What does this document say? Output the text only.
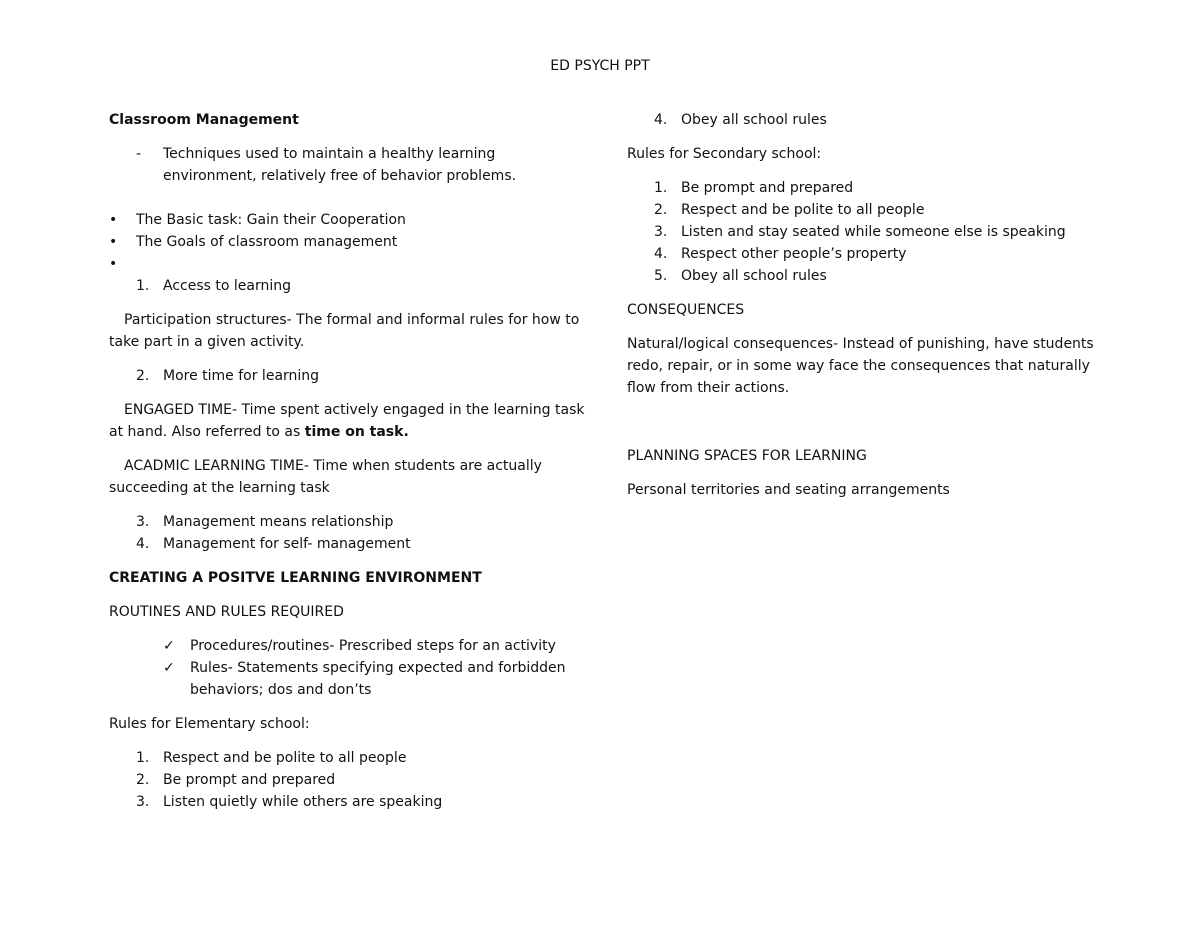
ED PSYCH PPT
Classroom Management
- Techniques used to maintain a healthy learning
environment, relatively free of behavior problems.
• The Basic task: Gain their Cooperation
• The Goals of classroom management
•
1. Access to learning
Participation structures- The formal and informal rules for how to
take part in a given activity.
2. More time for learning
ENGAGED TIME- Time spent actively engaged in the learning task
at hand. Also referred to as time on task.
ACADMIC LEARNING TIME- Time when students are actually
succeeding at the learning task
3. Management means relationship
4. Management for self- management
CREATING A POSITVE LEARNING ENVIRONMENT
ROUTINES AND RULES REQUIRED
✓ Procedures/routines- Prescribed steps for an activity
✓ Rules- Statements specifying expected and forbidden
behaviors; dos and don’ts
Rules for Elementary school:
1. Respect and be polite to all people
2. Be prompt and prepared
3. Listen quietly while others are speaking
4. Obey all school rules
Rules for Secondary school:
1. Be prompt and prepared
2. Respect and be polite to all people
3. Listen and stay seated while someone else is speaking
4. Respect other people’s property
5. Obey all school rules
CONSEQUENCES
Natural/logical consequences- Instead of punishing, have students
redo, repair, or in some way face the consequences that naturally
flow from their actions.
PLANNING SPACES FOR LEARNING
Personal territories and seating arrangements
